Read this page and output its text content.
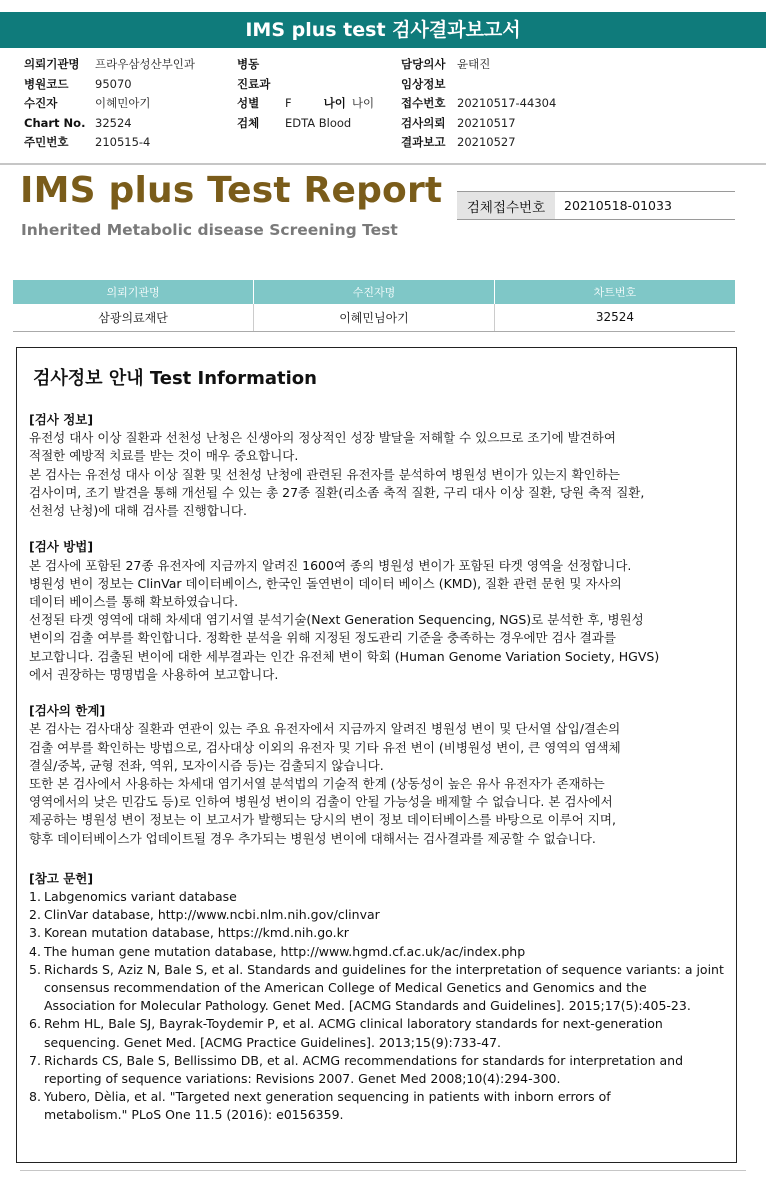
IMS plus test 검사결과보고서
의뢰기관명	프라우삼성산부인과
병원코드	95070
수진자	이혜민아기
Chart No. 32524
주민번호	210515-4
병동
진료과
성별	F	나이 나이
검체	EDTA Blood
담당의사	윤태진
임상정보
접수번호	20210517-44304
검사의뢰	20210517
결과보고	20210527
IMS plus Test Report
Inherited Metabolic disease Screening Test
검체접수번호	20210518-01033
의뢰기관명	수진자명	차트번호
삼광의료재단	이혜민님아기	32524
검사정보 안내 Test Information
[검사 정보]
유전성 대사 이상 질환과 선천성 난청은 신생아의 정상적인 성장 발달을 저해할 수 있으므로 조기에 발견하여
적절한 예방적 치료를 받는 것이 매우 중요합니다.
본 검사는 유전성 대사 이상 질환 및 선천성 난청에 관련된 유전자를 분석하여 병원성 변이가 있는지 확인하는
검사이며, 조기 발견을 통해 개선될 수 있는 총 27종 질환(리소좀 축적 질환, 구리 대사 이상 질환, 당원 축적 질환,
선천성 난청)에 대해 검사를 진행합니다.
[검사 방법]
본 검사에 포함된 27종 유전자에 지금까지 알려진 1600여 종의 병원성 변이가 포함된 타겟 영역을 선정합니다.
병원성 변이 정보는 ClinVar 데이터베이스, 한국인 돌연변이 데이터 베이스 (KMD), 질환 관련 문헌 및 자사의
데이터 베이스를 통해 확보하였습니다.
선정된 타겟 영역에 대해 차세대 염기서열 분석기술(Next Generation Sequencing, NGS)로 분석한 후, 병원성
변이의 검출 여부를 확인합니다. 정확한 분석을 위해 지정된 정도관리 기준을 충족하는 경우에만 검사 결과를
보고합니다. 검출된 변이에 대한 세부결과는 인간 유전체 변이 학회 (Human Genome Variation Society, HGVS)
에서 권장하는 명명법을 사용하여 보고합니다.
[검사의 한계]
본 검사는 검사대상 질환과 연관이 있는 주요 유전자에서 지금까지 알려진 병원성 변이 및 단서열 삽입/결손의
검출 여부를 확인하는 방법으로, 검사대상 이외의 유전자 및 기타 유전 변이 (비병원성 변이, 큰 영역의 염색체
결실/중복, 균형 전좌, 역위, 모자이시즘 등)는 검출되지 않습니다.
또한 본 검사에서 사용하는 차세대 염기서열 분석법의 기술적 한계 (상동성이 높은 유사 유전자가 존재하는
영역에서의 낮은 민감도 등)로 인하여 병원성 변이의 검출이 안될 가능성을 배제할 수 없습니다. 본 검사에서
제공하는 병원성 변이 정보는 이 보고서가 발행되는 당시의 변이 정보 데이터베이스를 바탕으로 이루어 지며,
향후 데이터베이스가 업데이트될 경우 추가되는 병원성 변이에 대해서는 검사결과를 제공할 수 없습니다.
[참고 문헌]
1. Labgenomics variant database
2. ClinVar database, http://www.ncbi.nlm.nih.gov/clinvar
3. Korean mutation database, https://kmd.nih.go.kr
4. The human gene mutation database, http://www.hgmd.cf.ac.uk/ac/index.php
5. Richards S, Aziz N, Bale S, et al. Standards and guidelines for the interpretation of sequence variants: a joint
consensus recommendation of the American College of Medical Genetics and Genomics and the
Association for Molecular Pathology. Genet Med. [ACMG Standards and Guidelines]. 2015;17(5):405-23.
6. Rehm HL, Bale SJ, Bayrak-Toydemir P, et al. ACMG clinical laboratory standards for next-generation
sequencing. Genet Med. [ACMG Practice Guidelines]. 2013;15(9):733-47.
7. Richards CS, Bale S, Bellissimo DB, et al. ACMG recommendations for standards for interpretation and
reporting of sequence variations: Revisions 2007. Genet Med 2008;10(4):294-300.
8. Yubero, Dèlia, et al. "Targeted next generation sequencing in patients with inborn errors of
metabolism." PLoS One 11.5 (2016): e0156359.
